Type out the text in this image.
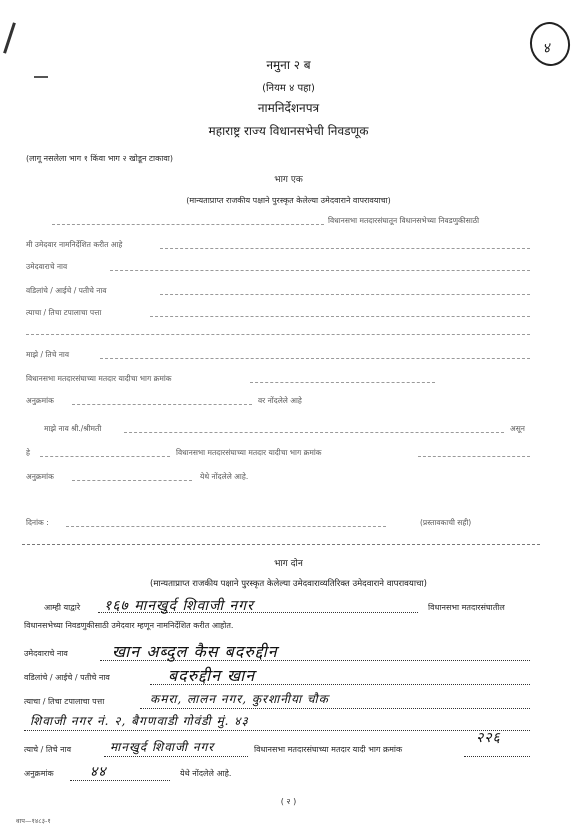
४
नमुना २ ब
(नियम ४ पहा)
नामनिर्देशनपत्र
महाराष्ट्र राज्य विधानसभेची निवडणूक
(लागू नसलेला भाग १ किंवा भाग २ खोडून टाकावा)
भाग एक
(मान्यताप्राप्त राजकीय पक्षाने पुरस्कृत केलेल्या उमेदवाराने वापरावयाचा)
विधानसभा मतदारसंघातून विधानसभेच्या निवडणुकीसाठी
मी उमेदवार नामनिर्देशित करीत आहे
उमेदवाराचे नाव
वडिलांचे / आईचे / पतीचे नाव
त्याचा / तिचा टपालाचा पत्ता
माझे / तिचे नाव
विधानसभा मतदारसंघाच्या मतदार यादीचा भाग क्रमांक
अनुक्रमांक	वर नोंदलेले आहे
माझे नाव श्री./श्रीमती	असून
हे	विधानसभा मतदारसंघाच्या मतदार यादीचा भाग क्रमांक
अनुक्रमांक	येथे नोंदलेले आहे.
दिनांक :	(प्रस्तावकाची सही)
भाग दोन
(मान्यताप्राप्त राजकीय पक्षाने पुरस्कृत केलेल्या उमेदवाराव्यतिरिक्त उमेदवाराने वापरावयाचा)
आम्ही याद्वारे १६७ मानखुर्द शिवाजी नगर	विधानसभा मतदारसंघातील
विधानसभेच्या निवडणुकीसाठी उमेदवार म्हणून नामनिर्देशित करीत आहोत.
उमेदवाराचे नाव	खान अब्दुल कैस बदरुद्दीन
वडिलांचे / आईचे / पतीचे नाव	बदरुद्दीन खान
त्याचा / तिचा टपालाचा पत्ता	कमरा, लालन नगर, कुरशानीया चौक
शिवाजी नगर नं. २, बैगणवाडी गोवंडी मुं. ४३
त्याचे / तिचे नाव	मानखुर्द शिवाजी नगर	विधानसभा मतदारसंघाच्या मतदार यादी भाग क्रमांक
२२६
अनुक्रमांक	४४	येथे नोंदलेले आहे.
( २ )
वाप—१४८३-१
